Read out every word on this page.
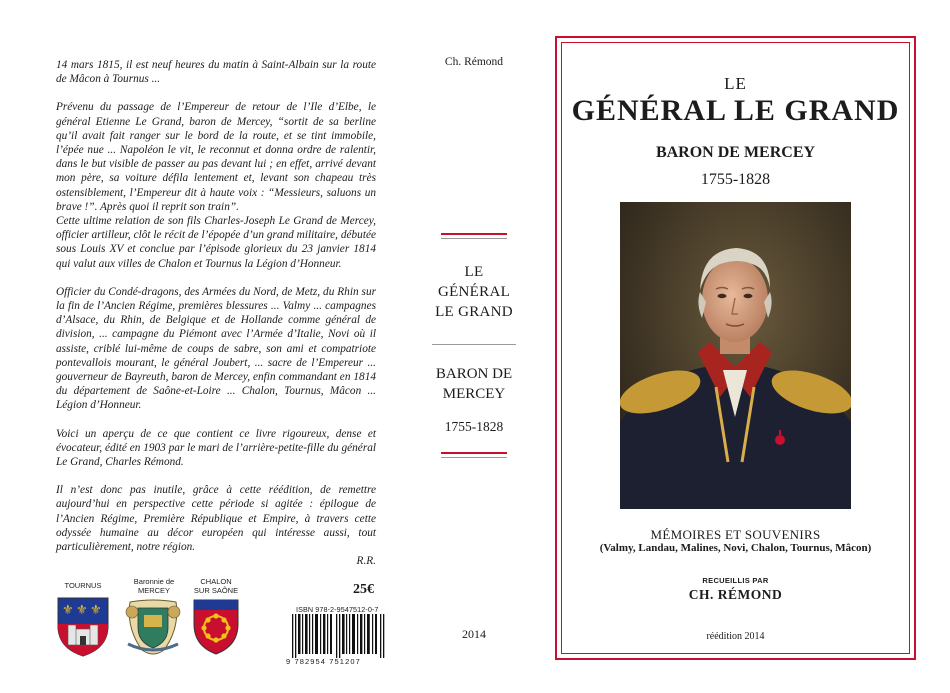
14 mars 1815, il est neuf heures du matin à Saint-Albain sur la route de Mâcon à Tournus ...

Prévenu du passage de l’Empereur de retour de l’Ile d’Elbe, le général Etienne Le Grand, baron de Mercey, “sortit de sa berline qu’il avait fait ranger sur le bord de la route, et se tint immobile, l’épée nue ... Napoléon le vit, le reconnut et donna ordre de ralentir, dans le but visible de passer au pas devant lui ; en effet, arrivé devant mon père, sa voiture défila lentement et, levant son chapeau très ostensiblement, l’Empereur dit à haute voix : “Messieurs, saluons un brave !”. Après quoi il reprit son train”.

Cette ultime relation de son fils Charles-Joseph Le Grand de Mercey, officier artilleur, clôt le récit de l’épopée d’un grand militaire, débutée sous Louis XV et conclue par l’épisode glorieux du 23 janvier 1814 qui valut aux villes de Chalon et Tournus la Légion d’Honneur.

Officier du Condé-dragons, des Armées du Nord, de Metz, du Rhin sur la fin de l’Ancien Régime, premières blessures ... Valmy ... campagnes d’Alsace, du Rhin, de Belgique et de Hollande comme général de division, ... campagne du Piémont avec l’Armée d’Italie, Novi où il assiste, criblé lui-même de coups de sabre, son ami et compatriote pontevallois mourant, le général Joubert, ... sacre de l’Empereur ... gouverneur de Bayreuth, baron de Mercey, enfin commandant en 1814 du département de Saône-et-Loire ... Chalon, Tournus, Mâcon ... Légion d’Honneur.

Voici un aperçu de ce que contient ce livre rigoureux, dense et évocateur, édité en 1903 par le mari de l’arrière-petite-fille du général Le Grand, Charles Rémond.

Il n’est donc pas inutile, grâce à cette réédition, de remettre aujourd’hui en perspective cette période si agitée : épilogue de l’Ancien Régime, Première République et Empire, à travers cette odyssée humaine au décor européen qui intéresse aussi, tout particulièrement, notre région.

R.R.

TOURNUS
⚜ ⚜ ⚜
Baronnie de
MERCEY
CHALON
SUR SAÔNE	25€
ISBN 978-2-9547512-0-7
9 782954 751207
Ch. Rémond
LE
GÉNÉRAL
LE GRAND
BARON DE
MERCEY
1755-1828
2014
LE
GÉNÉRAL LE GRAND
BARON DE MERCEY
1755-1828
MÉMOIRES ET SOUVENIRS
(Valmy, Landau, Malines, Novi, Chalon, Tournus, Mâcon)
RECUEILLIS PAR
CH. RÉMOND
réédition 2014
